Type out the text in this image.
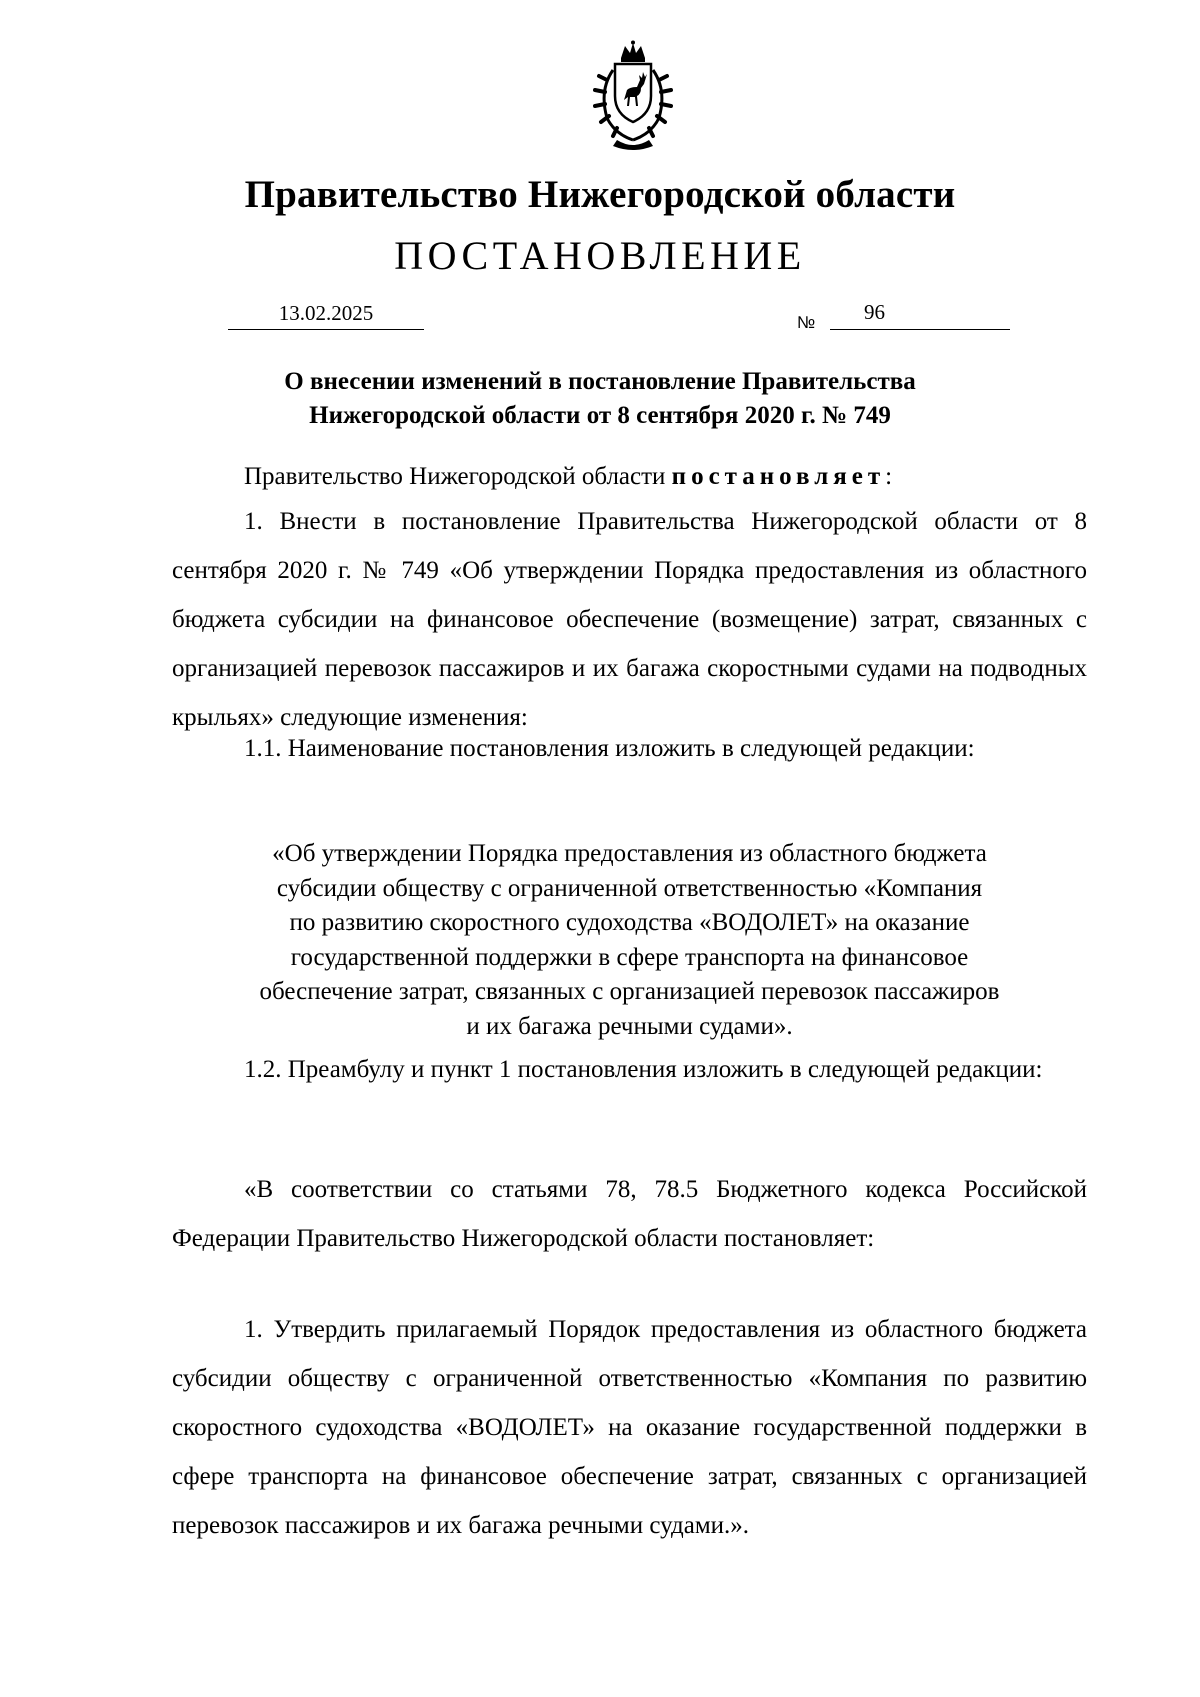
Правительство Нижегородской области
ПОСТАНОВЛЕНИЕ
13.02.2025	№ 96
О внесении изменений в постановление Правительства
Нижегородской области от 8 сентября 2020 г. № 749

Правительство Нижегородской области постановляет:

1. Внести в постановление Правительства Нижегородской области от 8 сентября 2020 г. № 749 «Об утверждении Порядка предоставления из областного бюджета субсидии на финансовое обеспечение (возмещение) затрат, связанных с организацией перевозок пассажиров и их багажа скоростными судами на подводных крыльях» следующие изменения:

1.1. Наименование постановления изложить в следующей редакции:

«Об утверждении Порядка предоставления из областного бюджета
субсидии обществу с ограниченной ответственностью «Компания
по развитию скоростного судоходства «ВОДОЛЕТ» на оказание
государственной поддержки в сфере транспорта на финансовое
обеспечение затрат, связанных с организацией перевозок пассажиров
и их багажа речными судами».

1.2. Преамбулу и пункт 1 постановления изложить в следующей редакции:

«В соответствии со статьями 78, 78.5 Бюджетного кодекса Российской Федерации Правительство Нижегородской области постановляет:

1. Утвердить прилагаемый Порядок предоставления из областного бюджета субсидии обществу с ограниченной ответственностью «Компания по развитию скоростного судоходства «ВОДОЛЕТ» на оказание государственной поддержки в сфере транспорта на финансовое обеспечение затрат, связанных с организацией перевозок пассажиров и их багажа речными судами.».
